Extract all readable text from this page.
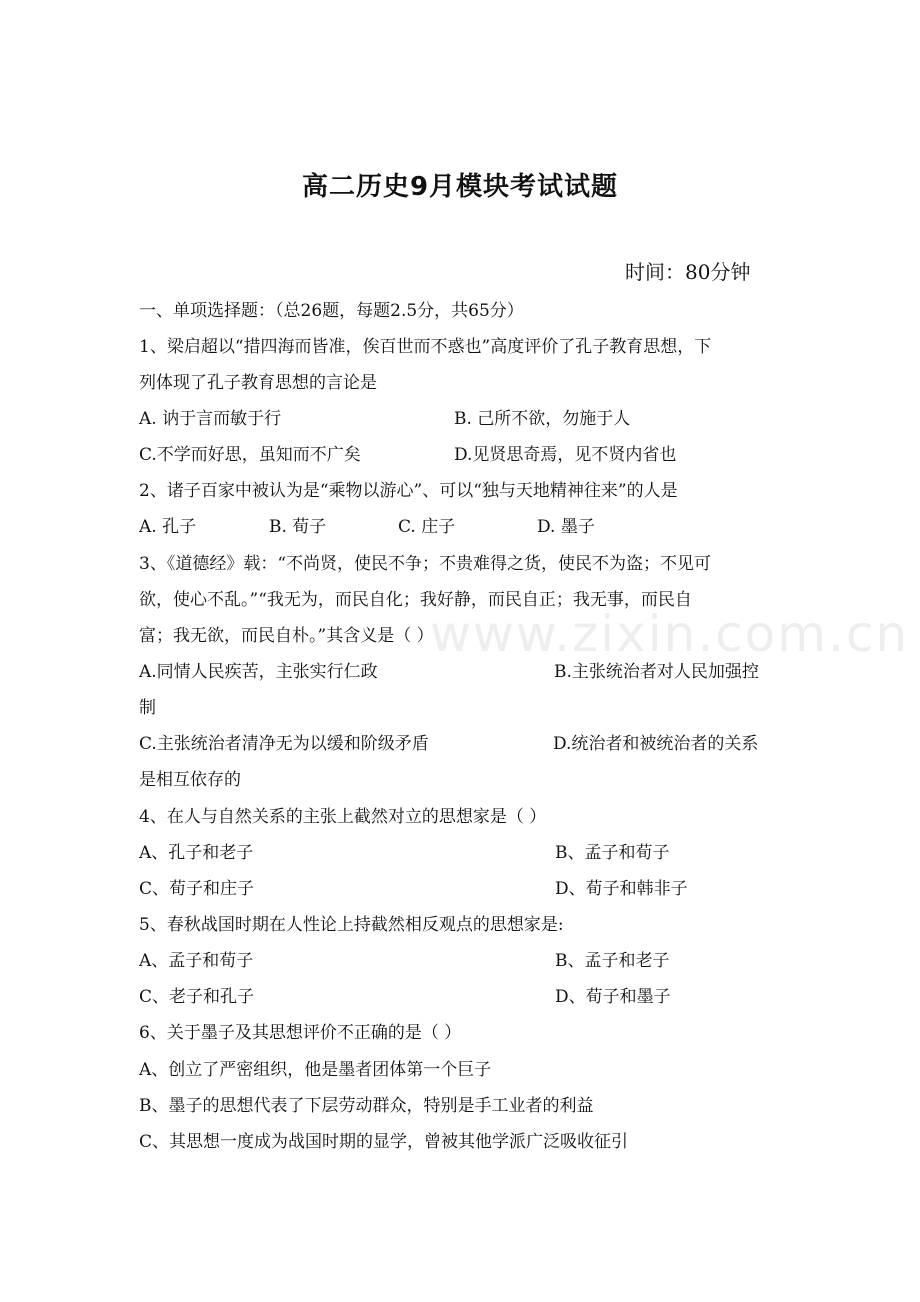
www.zixin.com.cn
高二历史9月模块考试试题
时间：80分钟
一、单项选择题：（总26题，每题2.5分，共65分）
1、梁启超以“措四海而皆准，俟百世而不惑也”高度评价了孔子教育思想，下
列体现了孔子教育思想的言论是
A. 讷于言而敏于行	B. 己所不欲，勿施于人
C.不学而好思，虽知而不广矣	D.见贤思奇焉，见不贤内省也
2、诸子百家中被认为是“乘物以游心”、可以“独与天地精神往来”的人是
A. 孔子	B. 荀子	C. 庄子	D. 墨子
3、《道德经》载：“不尚贤，使民不争；不贵难得之货，使民不为盗；不见可
欲，使心不乱。”“我无为，而民自化；我好静，而民自正；我无事，而民自
富；我无欲，而民自朴。”其含义是（ ）
A.同情人民疾苦，主张实行仁政	B.主张统治者对人民加强控
制
C.主张统治者清净无为以缓和阶级矛盾	D.统治者和被统治者的关系
是相互依存的
4、在人与自然关系的主张上截然对立的思想家是（ ）
A、孔子和老子	B、孟子和荀子
C、荀子和庄子	D、荀子和韩非子
5、春秋战国时期在人性论上持截然相反观点的思想家是:
A、孟子和荀子	B、孟子和老子
C、老子和孔子	D、荀子和墨子
6、关于墨子及其思想评价不正确的是（ ）
A、创立了严密组织，他是墨者团体第一个巨子
B、墨子的思想代表了下层劳动群众，特别是手工业者的利益
C、其思想一度成为战国时期的显学，曾被其他学派广泛吸收征引
